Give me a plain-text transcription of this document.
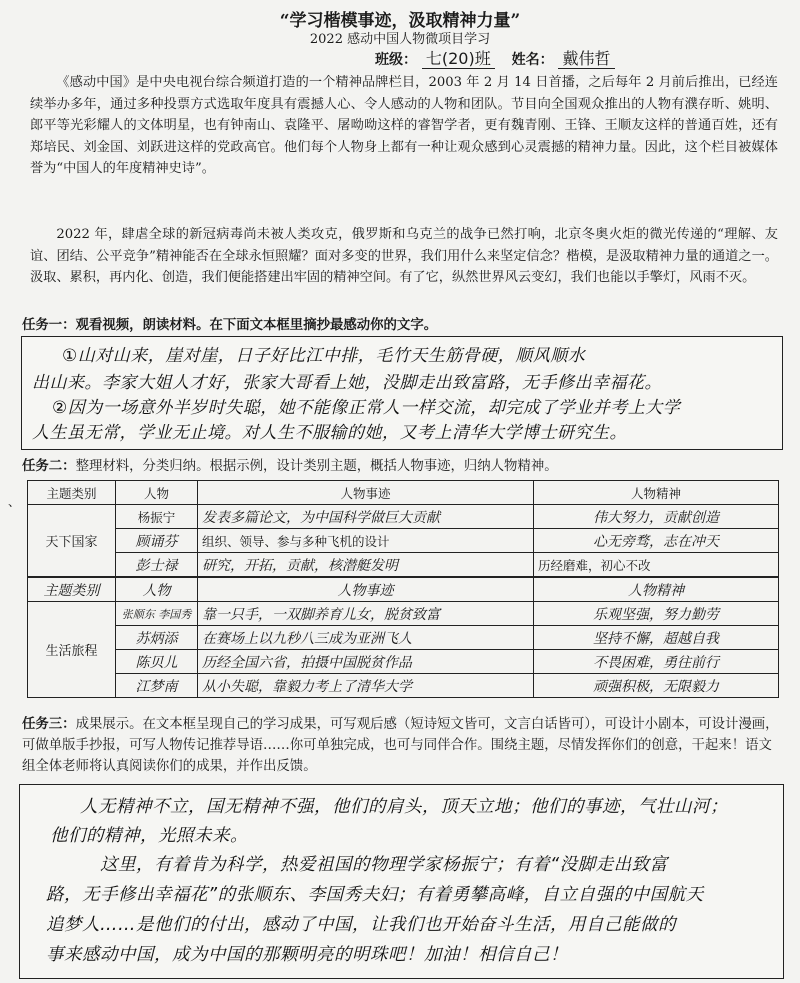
“学习楷模事迹，汲取精神力量”
2022 感动中国人物微项目学习
班级： 七(20)班 姓名： 戴伟哲
《感动中国》是中央电视台综合频道打造的一个精神品牌栏目，2003 年 2 月 14 日首播，之后每年 2 月前后推出，已经连续举办多年，通过多种投票方式选取年度具有震撼人心、令人感动的人物和团队。节目向全国观众推出的人物有濮存昕、姚明、郎平等光彩耀人的文体明星，也有钟南山、袁隆平、屠呦呦这样的睿智学者，更有魏青刚、王锋、王顺友这样的普通百姓，还有郑培民、刘金国、刘跃进这样的党政高官。他们每个人物身上都有一种让观众感到心灵震撼的精神力量。因此，这个栏目被媒体誉为“中国人的年度精神史诗”。
2022 年，肆虐全球的新冠病毒尚未被人类攻克，俄罗斯和乌克兰的战争已然打响，北京冬奥火炬的微光传递的“理解、友谊、团结、公平竞争”精神能否在全球永恒照耀？面对多变的世界，我们用什么来坚定信念？楷模，是汲取精神力量的通道之一。汲取、累积，再内化、创造，我们便能搭建出牢固的精神空间。有了它，纵然世界风云变幻，我们也能以手擎灯，风雨不灭。
任务一：观看视频，朗读材料。在下面文本框里摘抄最感动你的文字。

①山对山来，崖对崖，日子好比江中排，毛竹天生筋骨硬，顺风顺水

出山来。李家大姐人才好，张家大哥看上她，没脚走出致富路，无手修出幸福花。

②因为一场意外半岁时失聪，她不能像正常人一样交流，却完成了学业并考上大学

人生虽无常，学业无止境。对人生不服输的她，又考上清华大学博士研究生。

任务二：整理材料，分类归纳。根据示例，设计类别主题，概括人物事迹，归纳人物精神。
、
主题类别	人物	人物事迹	人物精神
天下国家	杨振宁	发表多篇论文，为中国科学做巨大贡献	伟大努力，贡献创造
	顾诵芬	组织、领导、参与多种飞机的设计	心无旁骛，志在冲天
	彭士禄	研究，开拓，贡献，核潜艇发明	历经磨难，初心不改
主题类别	人物	人物事迹	人物精神
生活旅程	张顺东 李国秀	靠一只手，一双脚养育儿女，脱贫致富	乐观坚强，努力勤劳
	苏炳添	在赛场上以九秒八三成为亚洲飞人	坚持不懈，超越自我
	陈贝儿	历经全国六省，拍摄中国脱贫作品	不畏困难，勇往前行
	江梦南	从小失聪，靠毅力考上了清华大学	顽强积极，无限毅力
任务三：成果展示。在文本框呈现自己的学习成果，可写观后感（短诗短文皆可，文言白话皆可），可设计小剧本，可设计漫画，可做单版手抄报，可写人物传记推荐导语……你可单独完成，也可与同伴合作。围绕主题，尽情发挥你们的创意，干起来！语文组全体老师将认真阅读你们的成果，并作出反馈。

人无精神不立，国无精神不强，他们的肩头，顶天立地；他们的事迹，气壮山河；

他们的精神，光照未来。

这里，有着肯为科学，热爱祖国的物理学家杨振宁；有着“没脚走出致富

路，无手修出幸福花”的张顺东、李国秀夫妇；有着勇攀高峰，自立自强的中国航天

追梦人……是他们的付出，感动了中国，让我们也开始奋斗生活，用自己能做的

事来感动中国，成为中国的那颗明亮的明珠吧！加油！相信自己！
